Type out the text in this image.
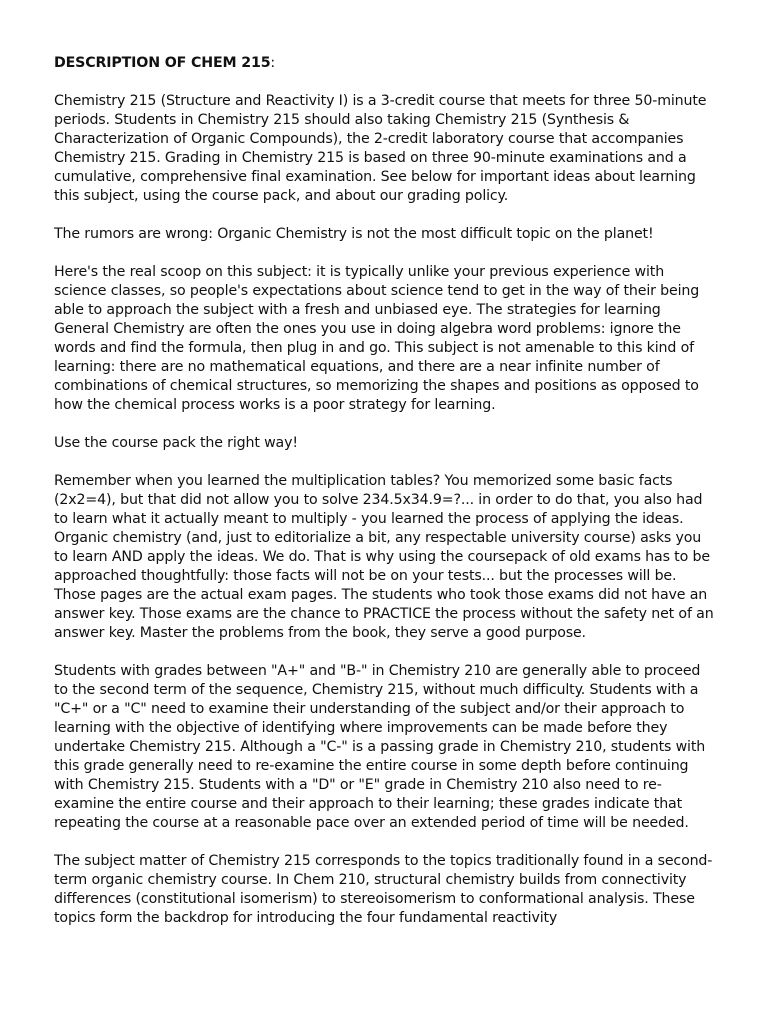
DESCRIPTION OF CHEM 215:

Chemistry 215 (Structure and Reactivity I) is a 3-credit course that meets for three 50-minute periods. Students in Chemistry 215 should also taking Chemistry 215 (Synthesis & Characterization of Organic Compounds), the 2-credit laboratory course that accompanies Chemistry 215. Grading in Chemistry 215 is based on three 90-minute examinations and a cumulative, comprehensive final examination. See below for important ideas about learning this subject, using the course pack, and about our grading policy.

The rumors are wrong: Organic Chemistry is not the most difficult topic on the planet!

Here's the real scoop on this subject: it is typically unlike your previous experience with science classes, so people's expectations about science tend to get in the way of their being able to approach the subject with a fresh and unbiased eye. The strategies for learning General Chemistry are often the ones you use in doing algebra word problems: ignore the words and find the formula, then plug in and go. This subject is not amenable to this kind of learning: there are no mathematical equations, and there are a near infinite number of combinations of chemical structures, so memorizing the shapes and positions as opposed to how the chemical process works is a poor strategy for learning.

Use the course pack the right way!

Remember when you learned the multiplication tables? You memorized some basic facts (2x2=4), but that did not allow you to solve 234.5x34.9=?... in order to do that, you also had to learn what it actually meant to multiply - you learned the process of applying the ideas. Organic chemistry (and, just to editorialize a bit, any respectable university course) asks you to learn AND apply the ideas. We do. That is why using the coursepack of old exams has to be approached thoughtfully: those facts will not be on your tests... but the processes will be. Those pages are the actual exam pages. The students who took those exams did not have an answer key. Those exams are the chance to PRACTICE the process without the safety net of an answer key. Master the problems from the book, they serve a good purpose.

Students with grades between "A+" and "B-" in Chemistry 210 are generally able to proceed to the second term of the sequence, Chemistry 215, without much difficulty. Students with a "C+" or a "C" need to examine their understanding of the subject and/or their approach to learning with the objective of identifying where improvements can be made before they undertake Chemistry 215. Although a "C-" is a passing grade in Chemistry 210, students with this grade generally need to re-examine the entire course in some depth before continuing with Chemistry 215. Students with a "D" or "E" grade in Chemistry 210 also need to re-examine the entire course and their approach to their learning; these grades indicate that repeating the course at a reasonable pace over an extended period of time will be needed.

The subject matter of Chemistry 215 corresponds to the topics traditionally found in a second-term organic chemistry course. In Chem 210, structural chemistry builds from connectivity differences (constitutional isomerism) to stereoisomerism to conformational analysis. These topics form the backdrop for introducing the four fundamental reactivity
